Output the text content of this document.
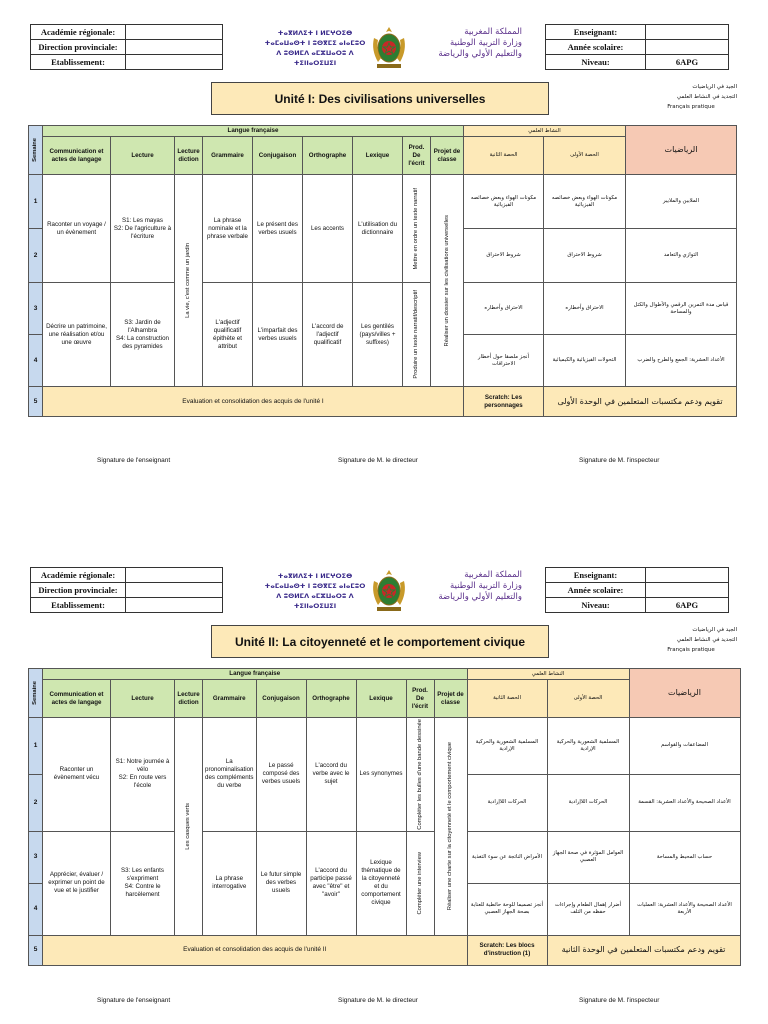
Académie régionale:	
Direction provinciale:	
Etablissement:	
ⵜⴰⴳⵍⴷⵉⵜ ⵏ ⵍⵎⵖⵔⵉⴱ
ⵜⴰⵎⴰⵡⴰⵙⵜ ⵏ ⵓⵙⴳⵎⵉ ⴰⵏⴰⵎⵓⵔ
ⴷ ⵓⵙⵍⵎⴷ ⴰⵎⵣⵡⴰⵔⵓ ⴷ ⵜⵉⵏⵏⴰⵔⵉⵡⵉⵏ
المملكة المغربية
وزارة التربية الوطنية
والتعليم الأولي والرياضة
Enseignant:	
Année scolaire:	
Niveau:	6APG
Unité I: Des civilisations universelles
الجيد في الرياضيات
التجديد في النشاط العلمي
Français pratique
Semaine	Langue française									النشاط العلمي		الرياضيات
	Communication et actes de langage	Lecture	Lecture diction	Grammaire	Conjugaison	Orthographe	Lexique	Prod. De l'écrit	Projet de classe	الحصة الثانية	الحصة الأولى	
1	Raconter un voyage / un évènement	S1: Les mayas
S2: De l'agriculture à l'écriture	La vie, c'est comme un jardin	La phrase nominale et la phrase verbale	Le présent des verbes usuels	Les accents	L'utilisation du dictionnaire	Mettre en ordre un texte narratif	Réaliser un dossier sur les civilisations universelles	مكونات الهواء وبعض خصائصه الفيزيائية	مكونات الهواء وبعض خصائصه الفيزيائية	الملايين والملايير
2										شروط الاحتراق	شروط الاحتراق	التوازي والتعامد
3	Décrire un patrimoine, une réalisation et/ou une œuvre	S3: Jardin de l'Alhambra
S4: La construction des pyramides		L'adjectif qualificatif épithète et attribut	L'imparfait des verbes usuels	L'accord de l'adjectif qualificatif	Les gentilés (pays/villes + suffixes)	Produire un texte narratif/descriptif		الاحتراق وأخطاره	الاحتراق وأخطاره	قياس مدة التمرين الرقمي والأطوال والكتل والمساحة
4										أنجز ملصقا حول أخطار الاحتراقات	التحولات الفيزيائية والكيميائية	الأعداد العشرية: الجمع والطرح والضرب
5	Evaluation et consolidation des acquis de l'unité I									Scratch: Les personnages	تقويم ودعم مكتسبات المتعلمين في الوحدة الأولى	
Signature de l'enseignant	Signature de M. le directeur	Signature de M. l'inspecteur
Académie régionale:	
Direction provinciale:	
Etablissement:	
ⵜⴰⴳⵍⴷⵉⵜ ⵏ ⵍⵎⵖⵔⵉⴱ
ⵜⴰⵎⴰⵡⴰⵙⵜ ⵏ ⵓⵙⴳⵎⵉ ⴰⵏⴰⵎⵓⵔ
ⴷ ⵓⵙⵍⵎⴷ ⴰⵎⵣⵡⴰⵔⵓ ⴷ ⵜⵉⵏⵏⴰⵔⵉⵡⵉⵏ
المملكة المغربية
وزارة التربية الوطنية
والتعليم الأولي والرياضة
Enseignant:	
Année scolaire:	
Niveau:	6APG
Unité II: La citoyenneté et le comportement civique
الجيد في الرياضيات
التجديد في النشاط العلمي
Français pratique
Semaine	Langue française									النشاط العلمي		الرياضيات
	Communication et actes de langage	Lecture	Lecture diction	Grammaire	Conjugaison	Orthographe	Lexique	Prod. De l'écrit	Projet de classe	الحصة الثانية	الحصة الأولى	
1	Raconter un évènement vécu	S1: Notre journée à vélo
S2: En route vers l'école	Les casques verts	La pronominalisation des compléments du verbe	Le passé composé des verbes usuels	L'accord du verbe avec le sujet	Les synonymes	Compléter les bulles d'une bande dessinée	Réaliser une charte sur la citoyenneté et le comportement civique	المسلمية الشعورية والحركية الإرادية	المسلمية الشعورية والحركية الإرادية	المضاعفات والقواسم
2										الحركات اللاإرادية	الحركات اللاإرادية	الأعداد الصحيحة والأعداد العشرية: القسمة
3	Apprécier, évaluer / exprimer un point de vue et le justifier	S3: Les enfants s'expriment
S4: Contre le harcèlement		La phrase interrogative	Le futur simple des verbes usuels	L'accord du participe passé avec "être" et "avoir"	Lexique thématique de la citoyenneté et du comportement civique	Compléter une interview		الأمراض الناتجة عن سوء التغذية	العوامل المؤثرة في صحة الجهاز العصبي	حساب المحيط والمساحة
4										أنجز تصميما للوحة حائطية للعناية بصحة الجهاز العصبي	أضرار إهمال الطعام وإجراءات حفظه من التلف	الأعداد الصحيحة والأعداد العشرية: العمليات الأربعة
5	Evaluation et consolidation des acquis de l'unité II									Scratch: Les blocs d'instruction (1)	تقويم ودعم مكتسبات المتعلمين في الوحدة الثانية	
Signature de l'enseignant	Signature de M. le directeur	Signature de M. l'inspecteur
